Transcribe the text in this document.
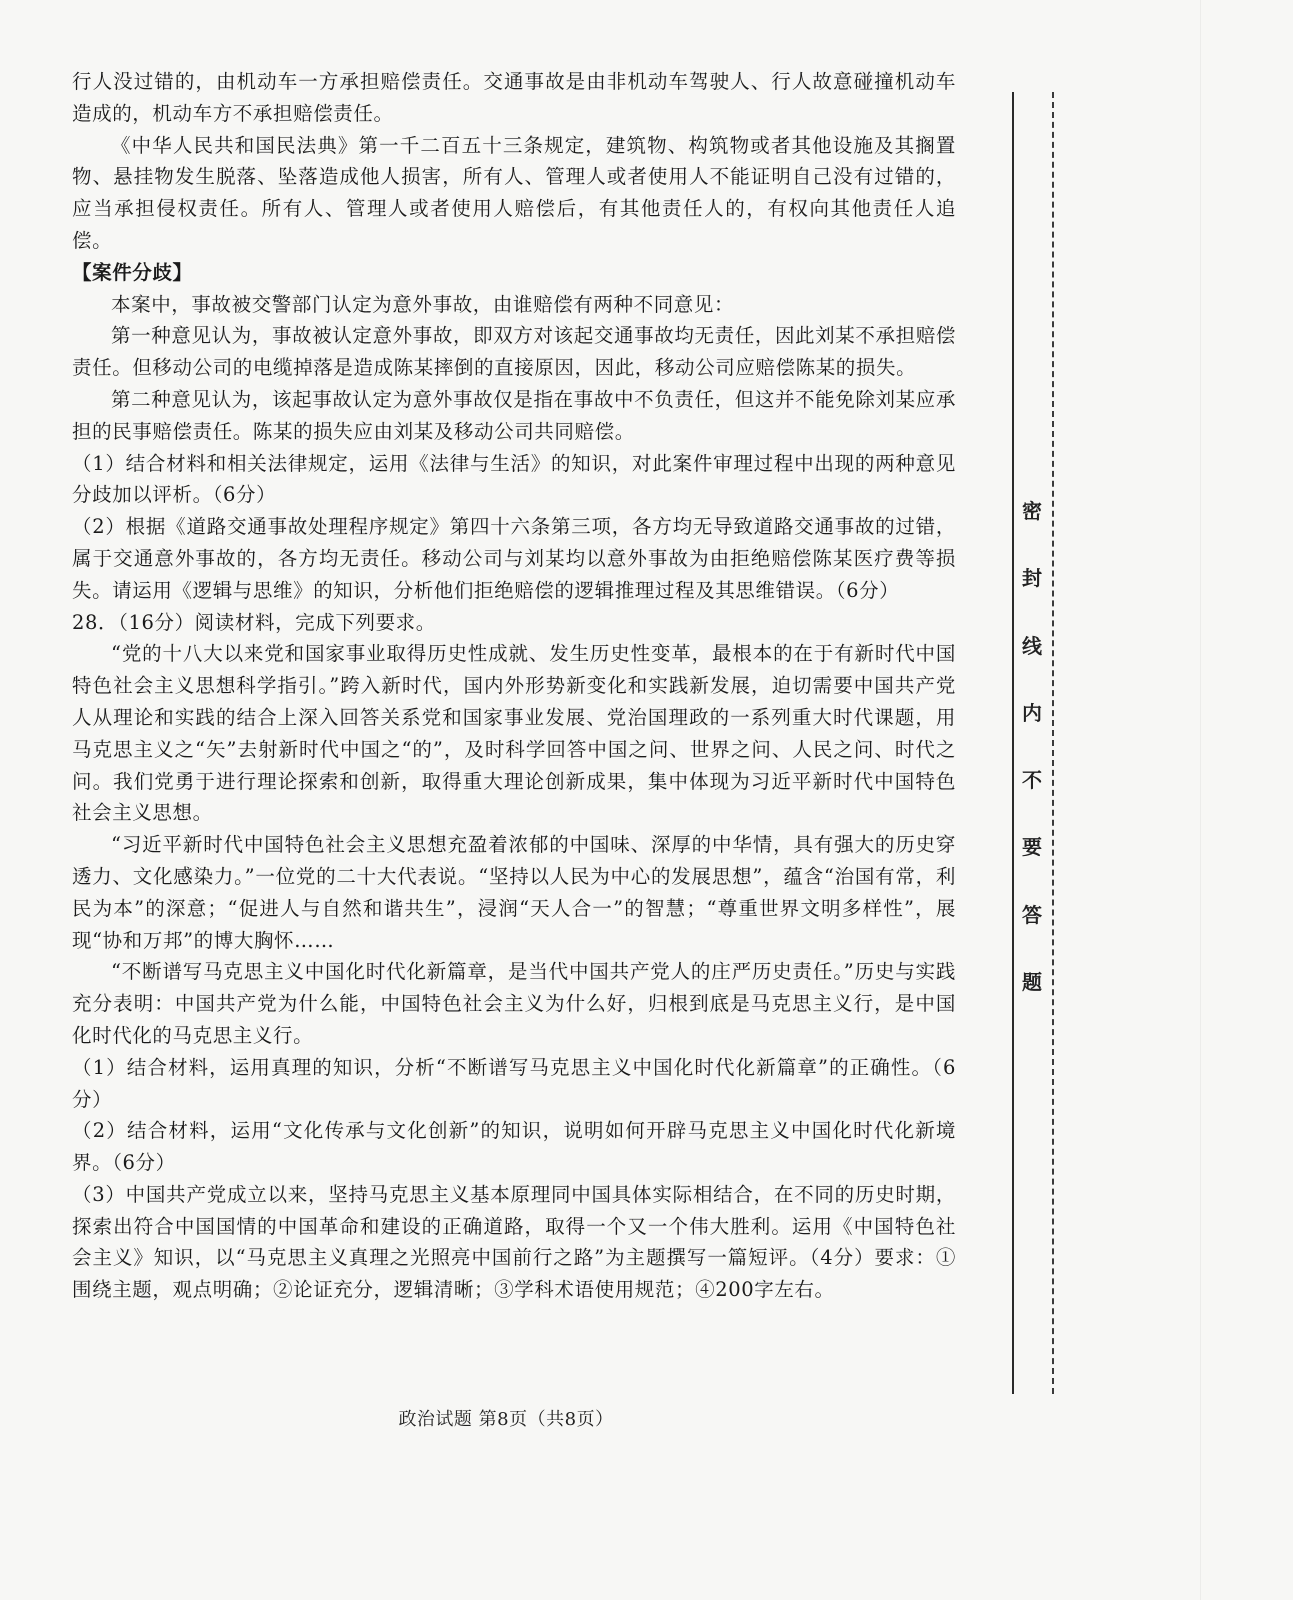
行人没过错的，由机动车一方承担赔偿责任。交通事故是由非机动车驾驶人、行人故意碰撞机动车造成的，机动车方不承担赔偿责任。

《中华人民共和国民法典》第一千二百五十三条规定，建筑物、构筑物或者其他设施及其搁置物、悬挂物发生脱落、坠落造成他人损害，所有人、管理人或者使用人不能证明自己没有过错的，应当承担侵权责任。所有人、管理人或者使用人赔偿后，有其他责任人的，有权向其他责任人追偿。

【案件分歧】

本案中，事故被交警部门认定为意外事故，由谁赔偿有两种不同意见：

第一种意见认为，事故被认定意外事故，即双方对该起交通事故均无责任，因此刘某不承担赔偿责任。但移动公司的电缆掉落是造成陈某摔倒的直接原因，因此，移动公司应赔偿陈某的损失。

第二种意见认为，该起事故认定为意外事故仅是指在事故中不负责任，但这并不能免除刘某应承担的民事赔偿责任。陈某的损失应由刘某及移动公司共同赔偿。

（1）结合材料和相关法律规定，运用《法律与生活》的知识，对此案件审理过程中出现的两种意见分歧加以评析。（6分）

（2）根据《道路交通事故处理程序规定》第四十六条第三项，各方均无导致道路交通事故的过错，属于交通意外事故的，各方均无责任。移动公司与刘某均以意外事故为由拒绝赔偿陈某医疗费等损失。请运用《逻辑与思维》的知识，分析他们拒绝赔偿的逻辑推理过程及其思维错误。（6分）

28．（16分）阅读材料，完成下列要求。

“党的十八大以来党和国家事业取得历史性成就、发生历史性变革，最根本的在于有新时代中国特色社会主义思想科学指引。”跨入新时代，国内外形势新变化和实践新发展，迫切需要中国共产党人从理论和实践的结合上深入回答关系党和国家事业发展、党治国理政的一系列重大时代课题，用马克思主义之“矢”去射新时代中国之“的”，及时科学回答中国之问、世界之问、人民之问、时代之问。我们党勇于进行理论探索和创新，取得重大理论创新成果，集中体现为习近平新时代中国特色社会主义思想。

“习近平新时代中国特色社会主义思想充盈着浓郁的中国味、深厚的中华情，具有强大的历史穿透力、文化感染力。”一位党的二十大代表说。“坚持以人民为中心的发展思想”，蕴含“治国有常，利民为本”的深意；“促进人与自然和谐共生”，浸润“天人合一”的智慧；“尊重世界文明多样性”，展现“协和万邦”的博大胸怀……

“不断谱写马克思主义中国化时代化新篇章，是当代中国共产党人的庄严历史责任。”历史与实践充分表明：中国共产党为什么能，中国特色社会主义为什么好，归根到底是马克思主义行，是中国化时代化的马克思主义行。

（1）结合材料，运用真理的知识，分析“不断谱写马克思主义中国化时代化新篇章”的正确性。（6分）

（2）结合材料，运用“文化传承与文化创新”的知识，说明如何开辟马克思主义中国化时代化新境界。（6分）

（3）中国共产党成立以来，坚持马克思主义基本原理同中国具体实际相结合，在不同的历史时期，探索出符合中国国情的中国革命和建设的正确道路，取得一个又一个伟大胜利。运用《中国特色社会主义》知识，以“马克思主义真理之光照亮中国前行之路”为主题撰写一篇短评。（4分）要求：①围绕主题，观点明确；②论证充分，逻辑清晰；③学科术语使用规范；④200字左右。

密
封
线
内
不
要
答
题
政治试题 第8页（共8页）
